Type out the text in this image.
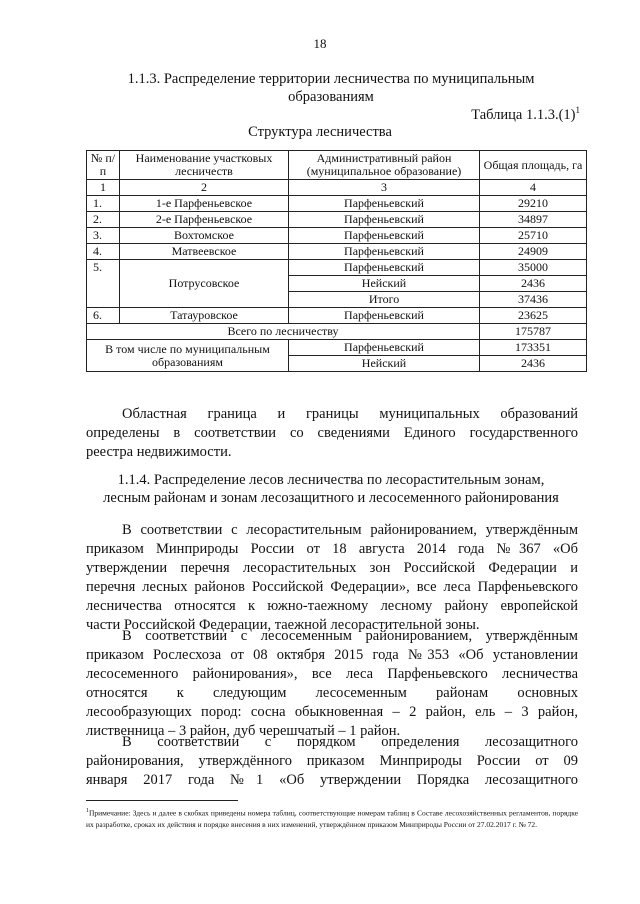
18
1.1.3. Распределение территории лесничества по муниципальным
образованиям
Таблица $1.1.3.(1)^1$
Структура лесничества
№ п/п	Наименование участковых лесничеств	Административный район (муниципальное образование)	Общая площадь, га
1	2	3	4
1.	1-е Парфеньевское	Парфеньевский	29210
2.	2-е Парфеньевское	Парфеньевский	34897
3.	Вохтомское	Парфеньевский	25710
4.	Матвеевское	Парфеньевский	24909
5.	Потрусовское	Парфеньевский	35000
		Нейский	2436
		Итого	37436
6.	Татауровское	Парфеньевский	23625
Всего по лесничеству			175787
В том числе по муниципальным образованиям		Парфеньевский	173351
		Нейский	2436
Областная граница и границы муниципальных образований
определены в соответствии со сведениями Единого государственного
реестра недвижимости.
1.1.4. Распределение лесов лесничества по лесорастительным зонам,
лесным районам и зонам лесозащитного и лесосеменного районирования
В соответствии с лесорастительным районированием, утверждённым
приказом Минприроды России от 18 августа 2014 года №367 «Об
утверждении перечня лесорастительных зон Российской Федерации и
перечня лесных районов Российской Федерации», все леса Парфеньевского
лесничества относятся к южно-таежному лесному району европейской
части Российской Федерации, таежной лесорастительной зоны.
В соответствии с лесосеменным районированием, утверждённым
приказом Рослесхоза от 08 октября 2015 года №353 «Об установлении
лесосеменного районирования», все леса Парфеньевского лесничества
относятся к следующим лесосеменным районам основных
лесообразующих пород: сосна обыкновенная – 2 район, ель – 3 район,
лиственница – 3 район, дуб черешчатый – 1 район.
В соответствии с порядком определения лесозащитного
районирования, утверждённого приказом Минприроды России от 09
января 2017 года №1 «Об утверждении Порядка лесозащитного
$^1$Примечание: Здесь и далее в скобках приведены номера таблиц, соответствующие номерам таблиц в Составе лесохозяйственных регламентов, порядке их разработке, сроках их действия и порядке внесения в них изменений, утверждённом приказом Минприроды России от 27.02.2017 г. № 72.
